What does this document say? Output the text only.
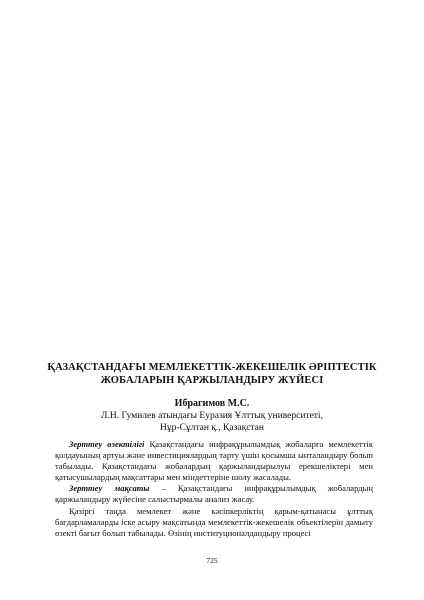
ҚАЗАҚСТАНДАҒЫ МЕМЛЕКЕТТІК-ЖЕКЕШЕЛІК ӘРІПТЕСТІК
ЖОБАЛАРЫН ҚАРЖЫЛАНДЫРУ ЖҮЙЕСІ
Ибрагимов М.С.
Л.Н. Гумилев атындағы Еуразия Ұлттық университеті,
Нұр-Сұлтан қ., Қазақстан

Зерттеу өзектілігі Қазақстандағы инфрақұрылымдық жобаларға мемлекеттік қолдауының артуы және инвестициялардың тарту үшін қосымша ынталандыру болып табылады. Қазақстандағы жобалардың қаржыландырылуы ерекшеліктері мен қатысушылардың мақсаттары мен міндеттеріне шолу жасалады.

Зерттеу мақсаты – Қазақстандағы инфрақұрылымдық жобалардың қаржыландыру жүйесіне салыстырмалы анализ жасау.

Қазіргі таңда мемлекет және кәсіпкерліктің қарым-қатынасы ұлттық бағдарламаларды іске асыру мақсатында мемлекеттік-жекешелік объектілерін дамыту өзекті бағыт болып табылады. Өзінің институционалдандыру процесі

725
